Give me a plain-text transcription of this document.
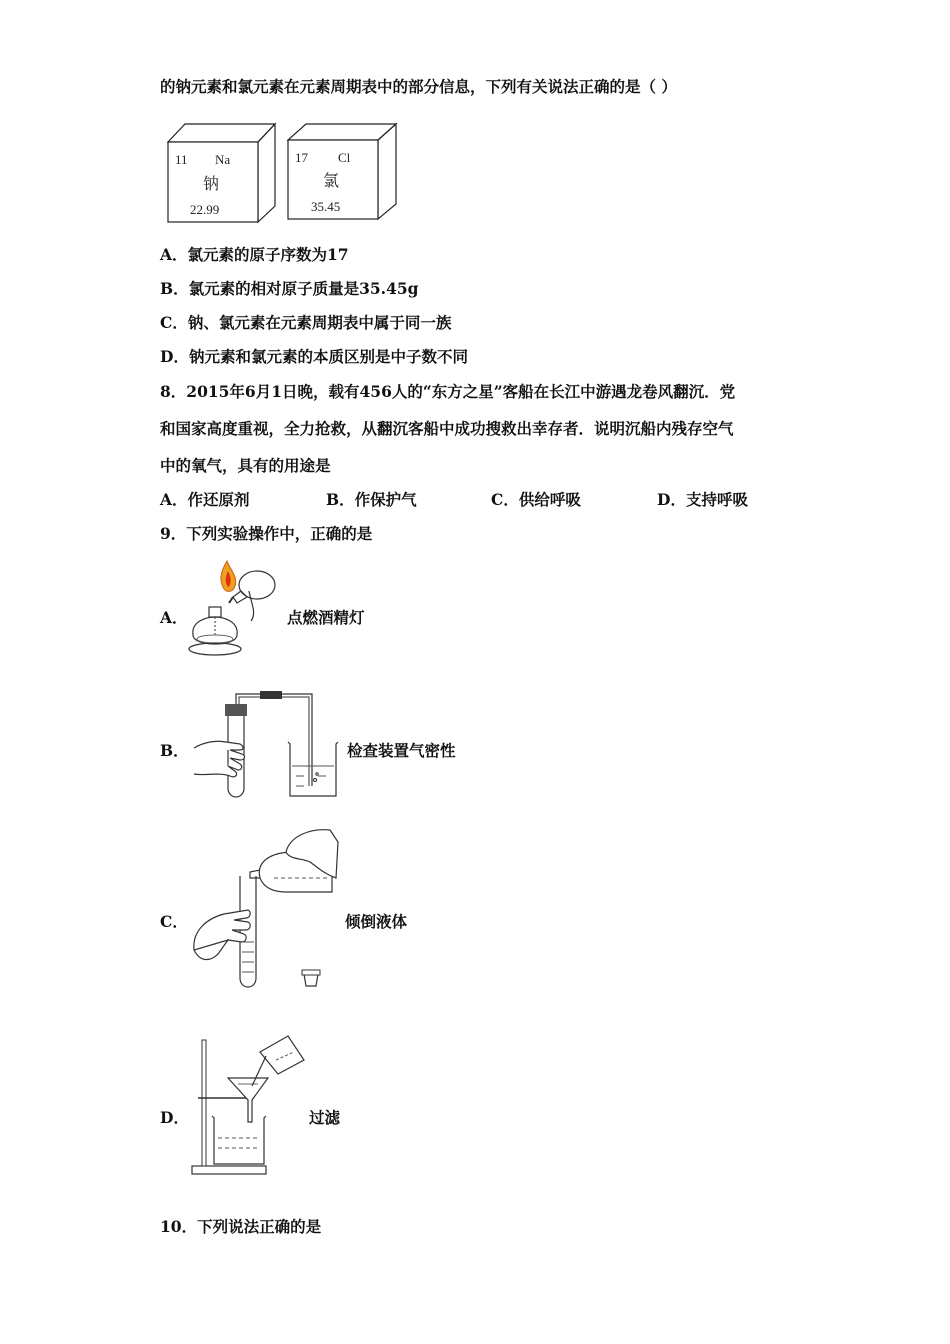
的钠元素和氯元素在元素周期表中的部分信息，下列有关说法正确的是（ ）
11 Na
钠
22.99
17 Cl
氯
35.45
A．氯元素的原子序数为17
B．氯元素的相对原子质量是35.45g
C．钠、氯元素在元素周期表中属于同一族
D．钠元素和氯元素的本质区别是中子数不同
8．2015年6月1日晚，载有456人的“东方之星”客船在长江中游遇龙卷风翻沉．党
和国家高度重视，全力抢救，从翻沉客船中成功搜救出幸存者．说明沉船内残存空气
中的氧气，具有的用途是
A．作还原剂	B．作保护气	C．供给呼吸	D．支持呼吸
9．下列实验操作中，正确的是
A．	点燃酒精灯
B．	检查装置气密性
C．	倾倒液体
D．	过滤
10．下列说法正确的是
